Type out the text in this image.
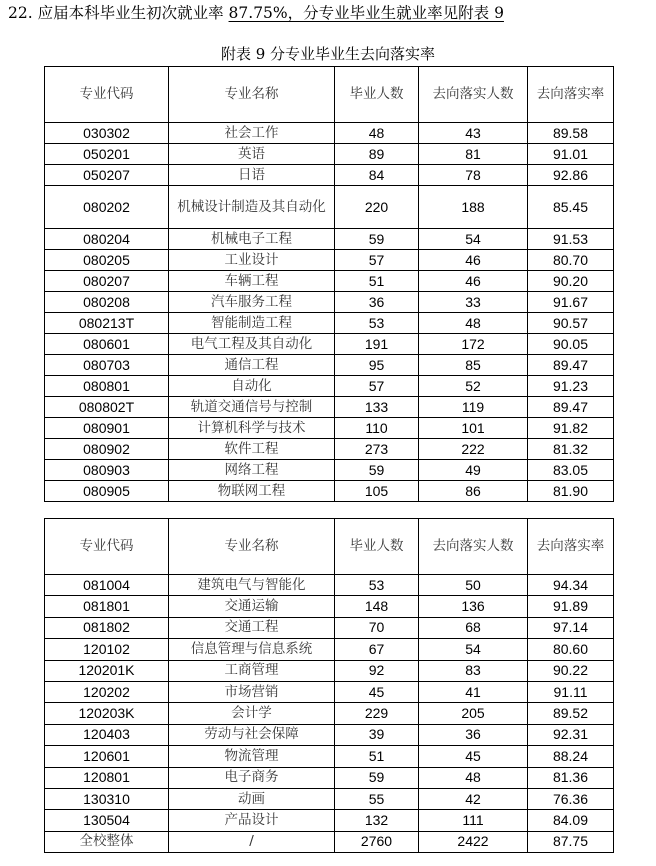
22. 应届本科毕业生初次就业率 87.75%，分专业毕业生就业率见附表 9
附表 9 分专业毕业生去向落实率
专业代码	专业名称	毕业人数	去向落实人数	去向落实率
030302	社会工作	48	43	89.58
050201	英语	89	81	91.01
050207	日语	84	78	92.86
080202	机械设计制造及其自动化	220	188	85.45
080204	机械电子工程	59	54	91.53
080205	工业设计	57	46	80.70
080207	车辆工程	51	46	90.20
080208	汽车服务工程	36	33	91.67
080213T	智能制造工程	53	48	90.57
080601	电气工程及其自动化	191	172	90.05
080703	通信工程	95	85	89.47
080801	自动化	57	52	91.23
080802T	轨道交通信号与控制	133	119	89.47
080901	计算机科学与技术	110	101	91.82
080902	软件工程	273	222	81.32
080903	网络工程	59	49	83.05
080905	物联网工程	105	86	81.90
专业代码	专业名称	毕业人数	去向落实人数	去向落实率
081004	建筑电气与智能化	53	50	94.34
081801	交通运输	148	136	91.89
081802	交通工程	70	68	97.14
120102	信息管理与信息系统	67	54	80.60
120201K	工商管理	92	83	90.22
120202	市场营销	45	41	91.11
120203K	会计学	229	205	89.52
120403	劳动与社会保障	39	36	92.31
120601	物流管理	51	45	88.24
120801	电子商务	59	48	81.36
130310	动画	55	42	76.36
130504	产品设计	132	111	84.09
全校整体	/	2760	2422	87.75
